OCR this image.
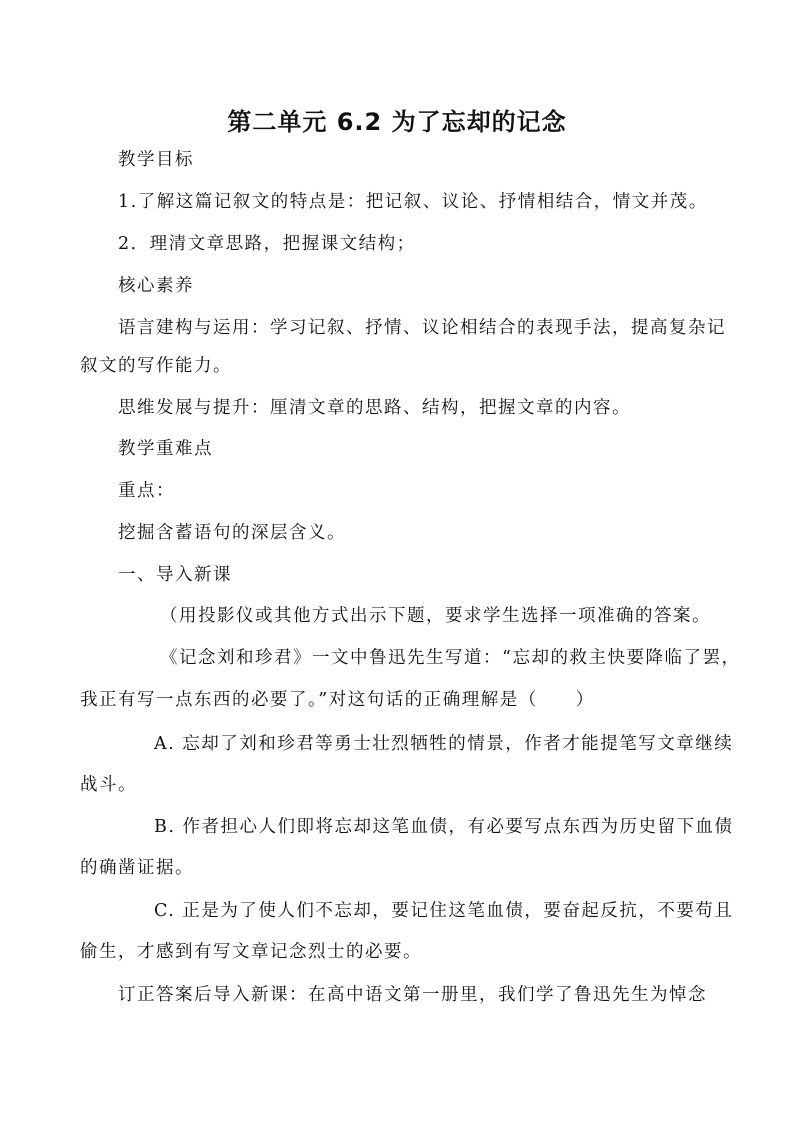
第二单元 6.2 为了忘却的记念
教学目标
1.了解这篇记叙文的特点是：把记叙、议论、抒情相结合，情文并茂。
2．理清文章思路，把握课文结构；
核心素养
语言建构与运用：学习记叙、抒情、议论相结合的表现手法，提高复杂记
叙文的写作能力。
思维发展与提升：厘清文章的思路、结构，把握文章的内容。
教学重难点
重点：
挖掘含蓄语句的深层含义。
一、导入新课
（用投影仪或其他方式出示下题，要求学生选择一项准确的答案。
《记念刘和珍君》一文中鲁迅先生写道：“忘却的救主快要降临了罢，
我正有写一点东西的必要了。”对这句话的正确理解是（　　）
A. 忘却了刘和珍君等勇士壮烈牺牲的情景，作者才能提笔写文章继续
战斗。
B. 作者担心人们即将忘却这笔血债，有必要写点东西为历史留下血债
的确凿证据。
C. 正是为了使人们不忘却，要记住这笔血债，要奋起反抗，不要苟且
偷生，才感到有写文章记念烈士的必要。
订正答案后导入新课：在高中语文第一册里，我们学了鲁迅先生为悼念
